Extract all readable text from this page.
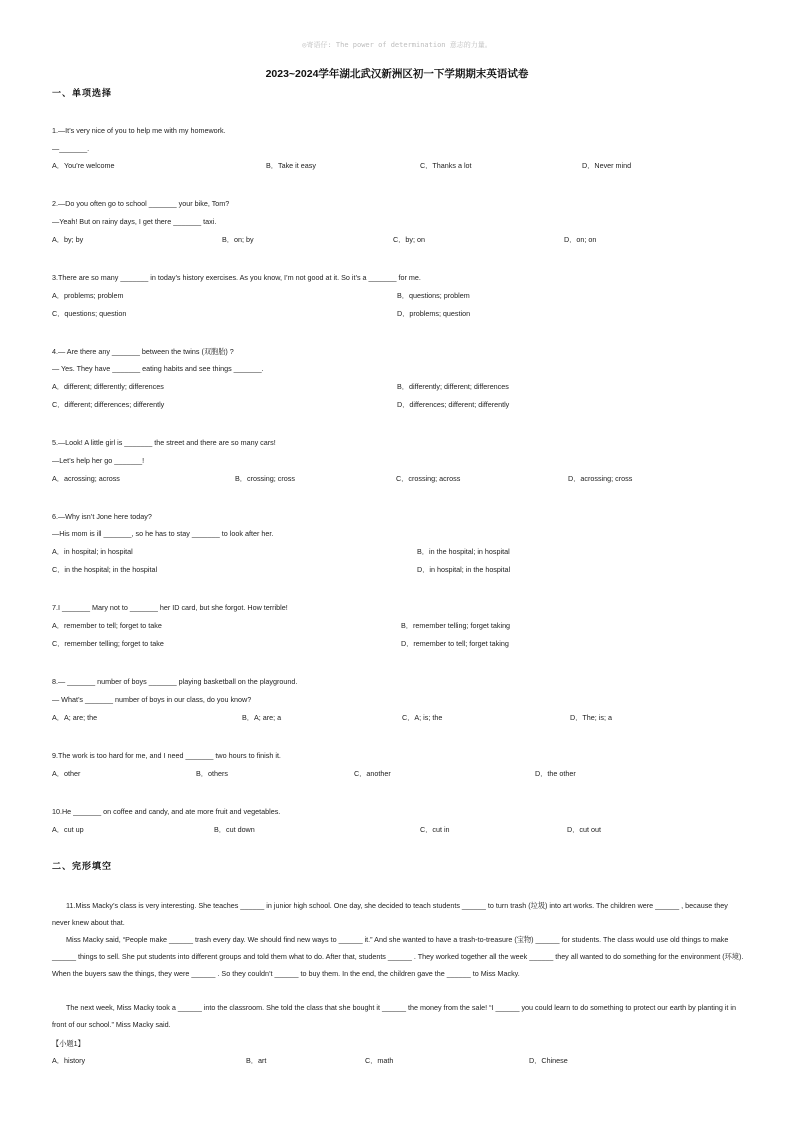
◎寄语仔: The power of determination 意志的力量。
2023~2024学年湖北武汉新洲区初一下学期期末英语试卷
一、单项选择
1.—It’s very nice of you to help me with my homework.
—_______.
A．You’re welcome	B．Take it easy	C．Thanks a lot	D．Never mind
2.—Do you often go to school _______ your bike, Tom?
—Yeah! But on rainy days, I get there _______ taxi.
A．by; by	B．on; by	C．by; on	D．on; on
3.There are so many _______ in today’s history exercises. As you know, I’m not good at it. So it’s a _______ for me.
A．problems; problem	B．questions; problem
C．questions; question	D．problems; question
4.— Are there any _______ between the twins (双胞胎) ?
— Yes. They have _______ eating habits and see things _______.
A．different; differently; differences	B．differently; different; differences
C．different; differences; differently	D．differences; different; differently
5.—Look! A little girl is _______ the street and there are so many cars!
—Let’s help her go _______!
A．acrossing; across	B．crossing; cross	C．crossing; across	D．acrossing; cross
6.—Why isn’t Jone here today?
—His mom is ill _______, so he has to stay _______ to look after her.
A．in hospital; in hospital	B．in the hospital; in hospital
C．in the hospital; in the hospital	D．in hospital; in the hospital
7.I _______ Mary not to _______ her ID card, but she forgot. How terrible!
A．remember to tell; forget to take	B．remember telling; forget taking
C．remember telling; forget to take	D．remember to tell; forget taking
8.— _______ number of boys _______ playing basketball on the playground.
— What’s _______ number of boys in our class, do you know?
A．A; are; the	B．A; are; a	C．A; is; the	D．The; is; a
9.The work is too hard for me, and I need _______ two hours to finish it.
A．other	B．others	C．another	D．the other
10.He _______ on coffee and candy, and ate more fruit and vegetables.
A．cut up	B．cut down	C．cut in	D．cut out
二、完形填空
11.Miss Macky’s class is very interesting. She teaches ______ in junior high school. One day, she decided to teach students ______ to turn trash (垃圾) into art works. The children were ______ , because they never knew about that.
Miss Macky said, “People make ______ trash every day. We should find new ways to ______ it.” And she wanted to have a trash-to-treasure (宝物) ______ for students. The class would use old things to make ______ things to sell. She put students into different groups and told them what to do. After that, students ______ . They worked together all the week ______ they all wanted to do something for the environment (环境). When the buyers saw the things, they were ______ . So they couldn’t ______ to buy them. In the end, the children gave the ______ to Miss Macky.
The next week, Miss Macky took a ______ into the classroom. She told the class that she bought it ______ the money from the sale! “I ______ you could learn to do something to protect our earth by planting it in front of our school.” Miss Macky said.
【小题1】
A．history	B．art	C．math	D．Chinese
